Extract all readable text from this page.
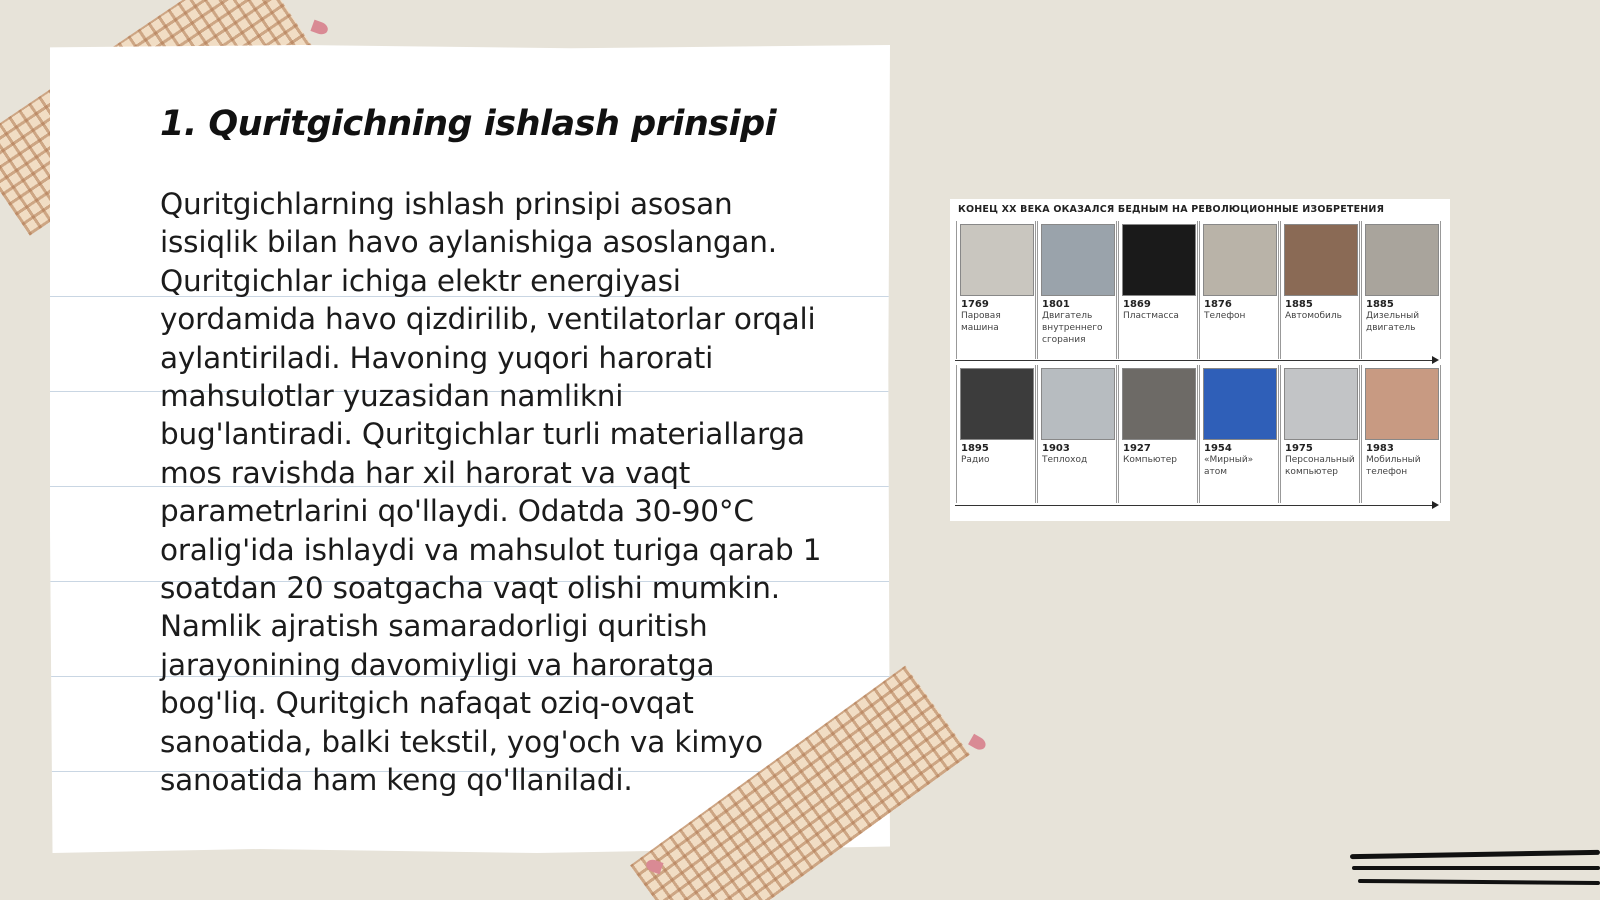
1. Quritgichning ishlash prinsipi
Quritgichlarning ishlash prinsipi asosan
issiqlik bilan havo aylanishiga asoslangan.
Quritgichlar ichiga elektr energiyasi
yordamida havo qizdirilib, ventilatorlar orqali
aylantiriladi. Havoning yuqori harorati
mahsulotlar yuzasidan namlikni
bug'lantiradi. Quritgichlar turli materiallarga
mos ravishda har xil harorat va vaqt
parametrlarini qo'llaydi. Odatda 30-90°C
oralig'ida ishlaydi va mahsulot turiga qarab 1
soatdan 20 soatgacha vaqt olishi mumkin.
Namlik ajratish samaradorligi quritish
jarayonining davomiyligi va haroratga
bog'liq. Quritgich nafaqat oziq-ovqat
sanoatida, balki tekstil, yog'och va kimyo
sanoatida ham keng qo'llaniladi.
КОНЕЦ XX ВЕКА ОКАЗАЛСЯ БЕДНЫМ НА РЕВОЛЮЦИОННЫЕ ИЗОБРЕТЕНИЯ
1769
Паровая машина
1801
Двигатель внутреннего сгорания
1869
Пластмасса
1876
Телефон
1885
Автомобиль
1885
Дизельный двигатель
1895
Радио
1903
Теплоход
1927
Компьютер
1954
«Мирный» атом
1975
Персональный компьютер
1983
Мобильный телефон
